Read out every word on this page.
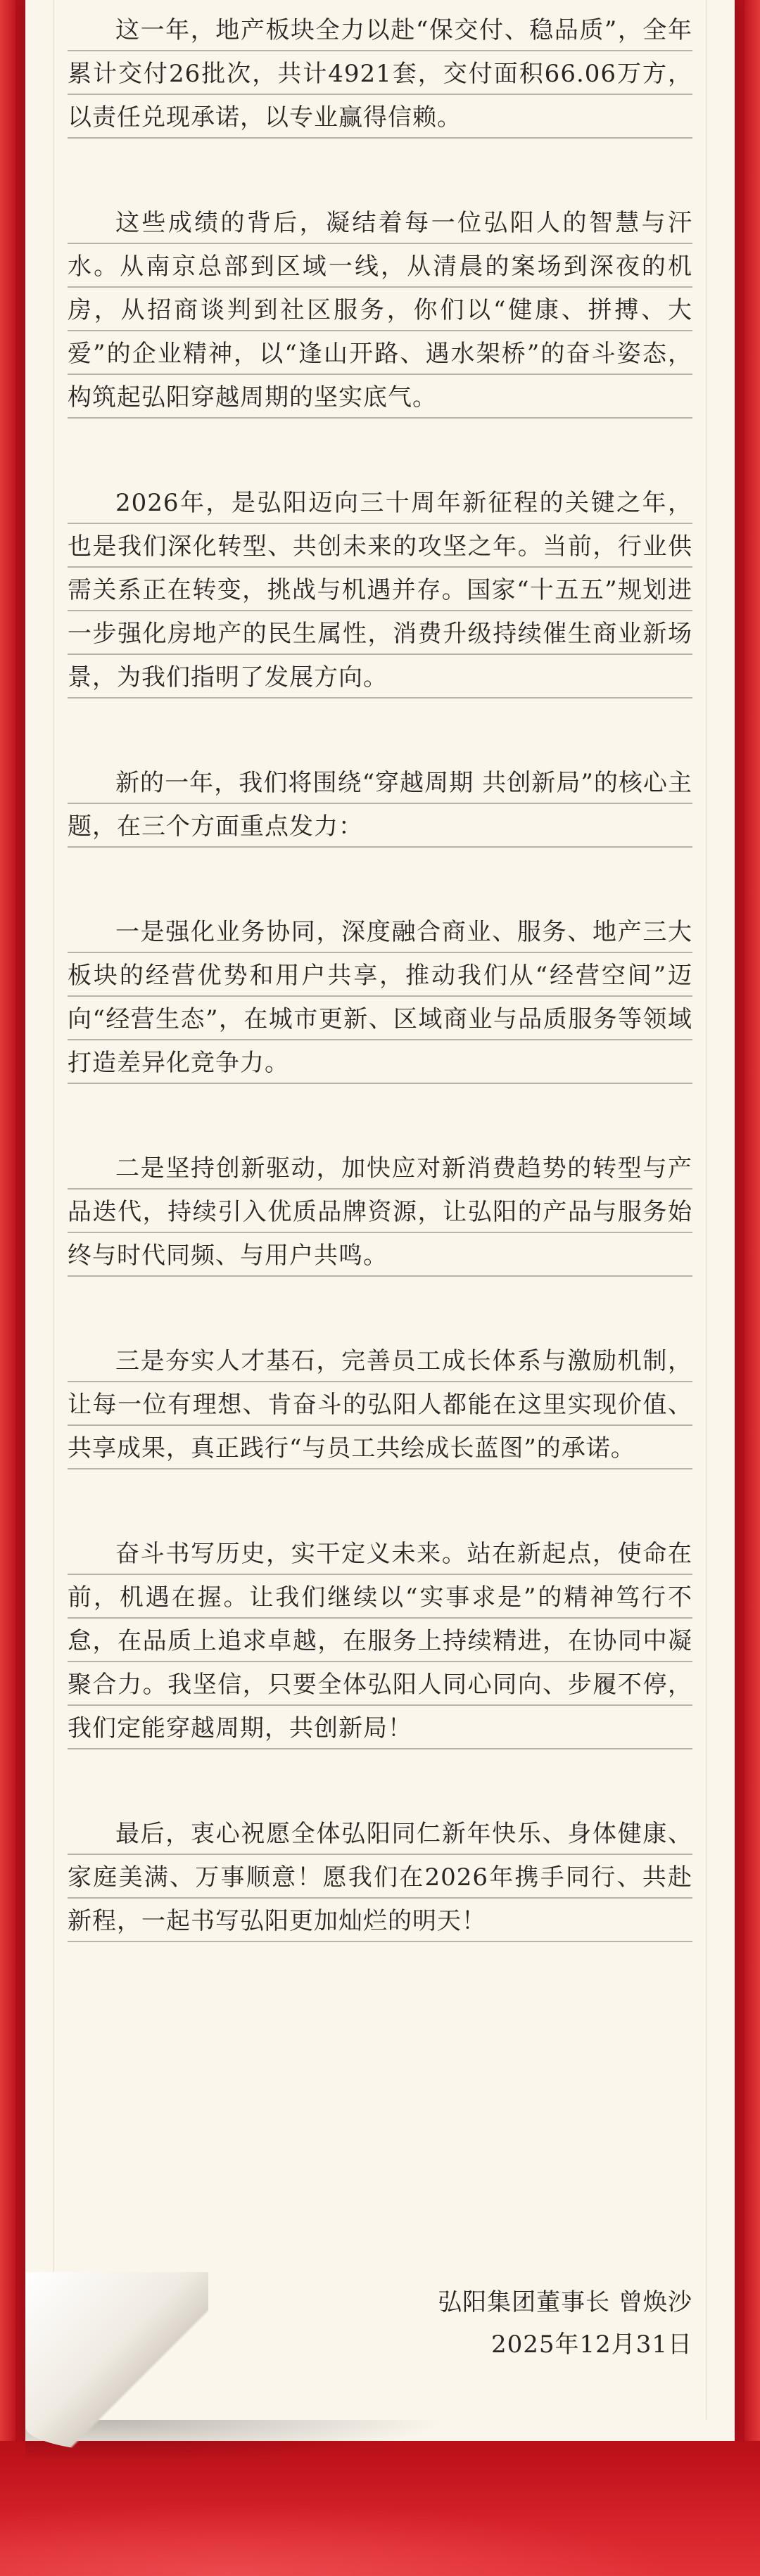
这一年，地产板块全力以赴“保交付、稳品质”，全年累计交付26批次，共计4921套，交付面积66.06万方，以责任兑现承诺，以专业赢得信赖。

这些成绩的背后，凝结着每一位弘阳人的智慧与汗水。从南京总部到区域一线，从清晨的案场到深夜的机房，从招商谈判到社区服务，你们以“健康、拼搏、大爱”的企业精神，以“逢山开路、遇水架桥”的奋斗姿态，构筑起弘阳穿越周期的坚实底气。

2026年，是弘阳迈向三十周年新征程的关键之年，也是我们深化转型、共创未来的攻坚之年。当前，行业供需关系正在转变，挑战与机遇并存。国家“十五五”规划进一步强化房地产的民生属性，消费升级持续催生商业新场景，为我们指明了发展方向。

新的一年，我们将围绕“穿越周期 共创新局”的核心主题，在三个方面重点发力：

一是强化业务协同，深度融合商业、服务、地产三大板块的经营优势和用户共享，推动我们从“经营空间”迈向“经营生态”，在城市更新、区域商业与品质服务等领域打造差异化竞争力。

二是坚持创新驱动，加快应对新消费趋势的转型与产品迭代，持续引入优质品牌资源，让弘阳的产品与服务始终与时代同频、与用户共鸣。

三是夯实人才基石，完善员工成长体系与激励机制，让每一位有理想、肯奋斗的弘阳人都能在这里实现价值、共享成果，真正践行“与员工共绘成长蓝图”的承诺。

奋斗书写历史，实干定义未来。站在新起点，使命在前，机遇在握。让我们继续以“实事求是”的精神笃行不怠，在品质上追求卓越，在服务上持续精进，在协同中凝聚合力。我坚信，只要全体弘阳人同心同向、步履不停，我们定能穿越周期，共创新局！

最后，衷心祝愿全体弘阳同仁新年快乐、身体健康、家庭美满、万事顺意！愿我们在2026年携手同行、共赴新程，一起书写弘阳更加灿烂的明天！

弘阳集团董事长 曾焕沙
2025年12月31日
